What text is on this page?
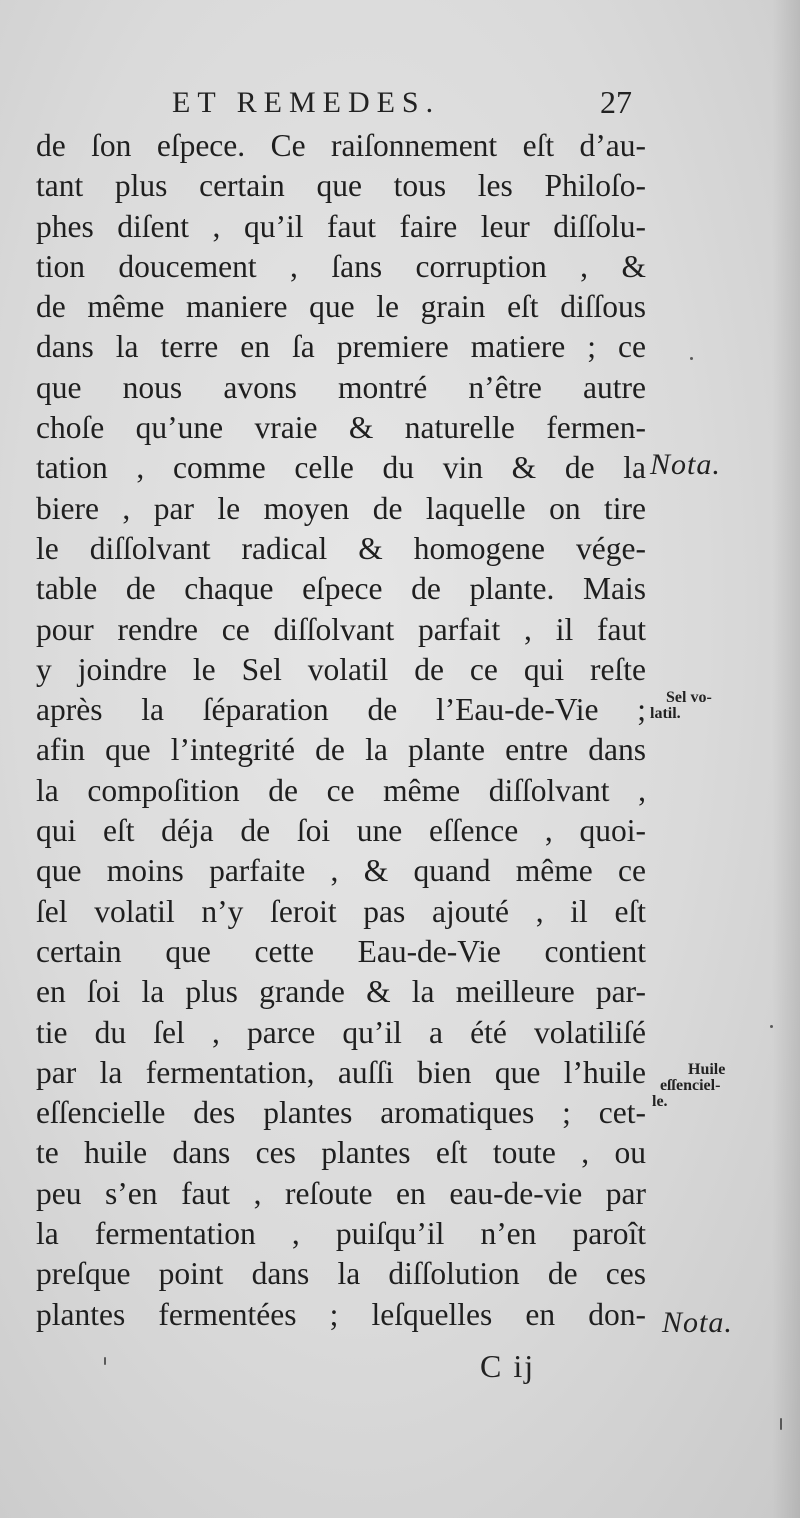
ET REMEDES.	27
de ſon eſpece. Ce raiſonnement eſt d’au-
tant plus certain que tous les Philoſo-
phes diſent , qu’il faut faire leur diſſolu-
tion doucement , ſans corruption , &
de même maniere que le grain eſt diſſous
dans la terre en ſa premiere matiere ; ce
que nous avons montré n’être autre
choſe qu’une vraie & naturelle fermen-
tation , comme celle du vin & de la
biere , par le moyen de laquelle on tire
le diſſolvant radical & homogene vége-
table de chaque eſpece de plante. Mais
pour rendre ce diſſolvant parfait , il faut
y joindre le Sel volatil de ce qui reſte
après la ſéparation de l’Eau-de-Vie ;
afin que l’integrité de la plante entre dans
la compoſition de ce même diſſolvant ,
qui eſt déja de ſoi une eſſence , quoi-
que moins parfaite , & quand même ce
ſel volatil n’y ſeroit pas ajouté , il eſt
certain que cette Eau-de-Vie contient
en ſoi la plus grande & la meilleure par-
tie du ſel , parce qu’il a été volatiliſé
par la fermentation, auſſi bien que l’huile
eſſencielle des plantes aromatiques ; cet-
te huile dans ces plantes eſt toute , ou
peu s’en faut , reſoute en eau-de-vie par
la fermentation , puiſqu’il n’en paroît
preſque point dans la diſſolution de ces
plantes fermentées ; leſquelles en don-
Nota.
Sel vo-
latil.
Huile
eſſenciel-
le.
Nota.
C ij
